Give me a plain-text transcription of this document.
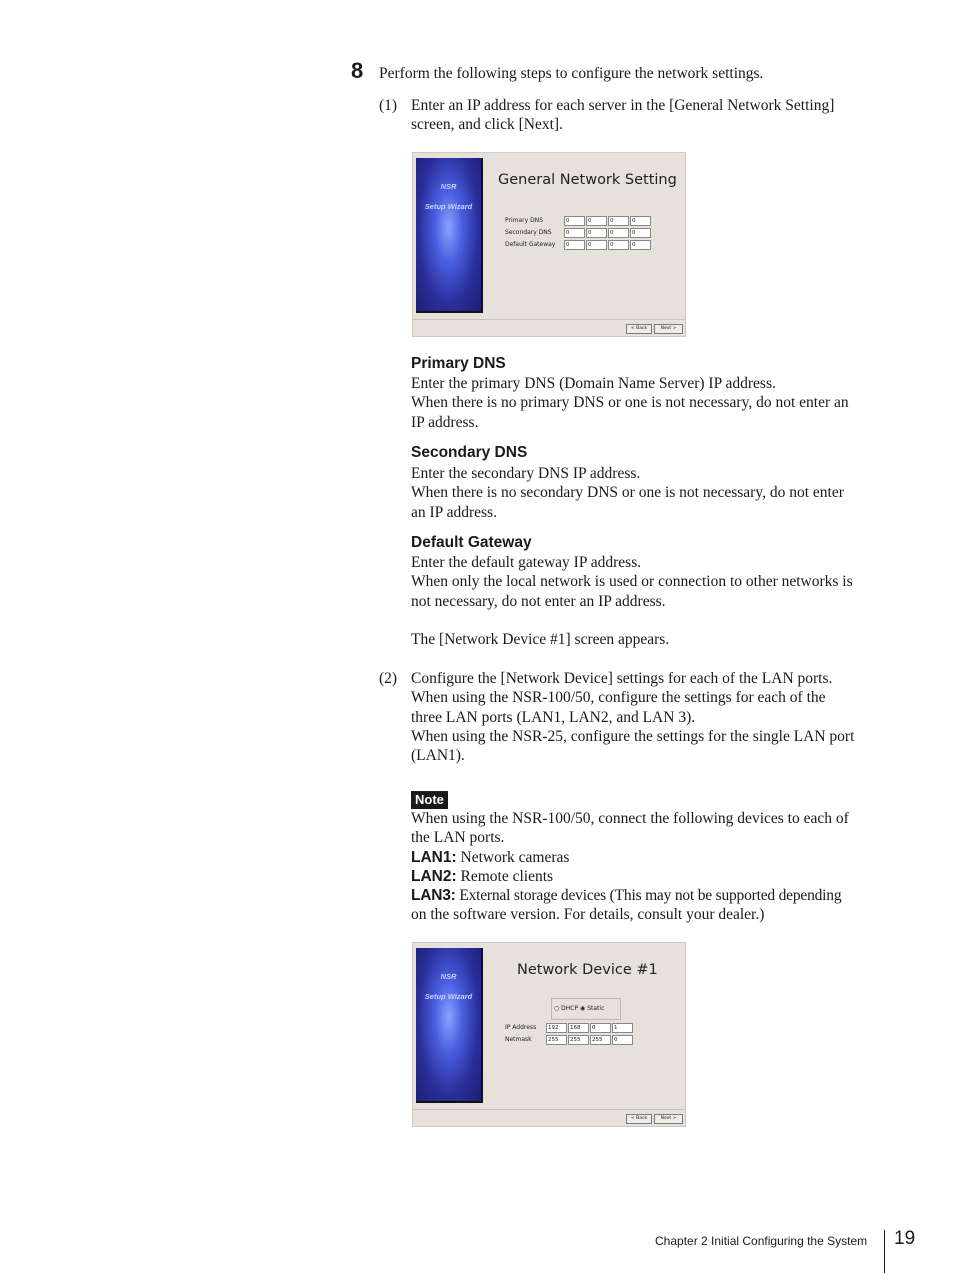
8 Perform the following steps to configure the network settings.
(1) Enter an IP address for each server in the [General Network Setting]
screen, and click [Next].
NSR
Setup Wizard
General Network Setting
Primary DNS	0	0	0	0
Secondary DNS	0	0	0	0
Default Gateway	0	0	0	0
< Back	Next >
Primary DNS
Enter the primary DNS (Domain Name Server) IP address.
When there is no primary DNS or one is not necessary, do not enter an
IP address.
Secondary DNS
Enter the secondary DNS IP address.
When there is no secondary DNS or one is not necessary, do not enter
an IP address.
Default Gateway
Enter the default gateway IP address.
When only the local network is used or connection to other networks is
not necessary, do not enter an IP address.
The [Network Device #1] screen appears.
(2) Configure the [Network Device] settings for each of the LAN ports.
When using the NSR-100/50, configure the settings for each of the
three LAN ports (LAN1, LAN2, and LAN 3).
When using the NSR-25, configure the settings for the single LAN port
(LAN1).
Note
When using the NSR-100/50, connect the following devices to each of
the LAN ports.
LAN1: Network cameras
LAN2: Remote clients
LAN3: External storage devices (This may not be supported depending
on the software version. For details, consult your dealer.)
NSR
Setup Wizard
Network Device #1
○ DHCP ◉ Static
IP Address	192	168	0	1
Netmask	255	255	255	0
< Back	Next >
Chapter 2 Initial Configuring the System 19
